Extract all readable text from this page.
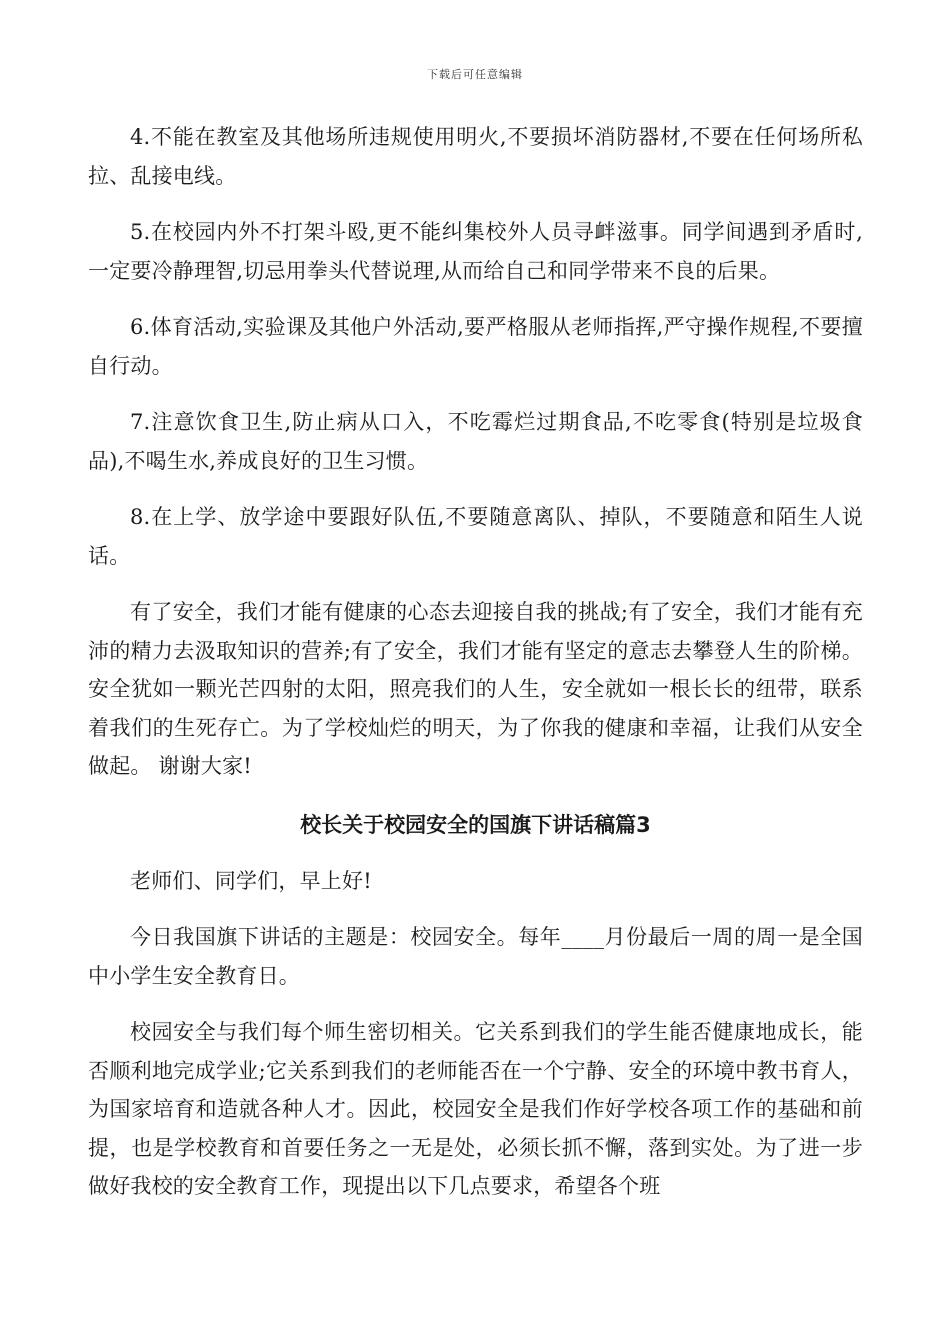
下载后可任意编辑

4.不能在教室及其他场所违规使用明火,不要损坏消防器材,不要在任何场所私拉、乱接电线。

5.在校园内外不打架斗殴,更不能纠集校外人员寻衅滋事。同学间遇到矛盾时,一定要冷静理智,切忌用拳头代替说理,从而给自己和同学带来不良的后果。

6.体育活动,实验课及其他户外活动,要严格服从老师指挥,严守操作规程,不要擅自行动。

7.注意饮食卫生,防止病从口入，不吃霉烂过期食品,不吃零食(特别是垃圾食品),不喝生水,养成良好的卫生习惯。

8.在上学、放学途中要跟好队伍,不要随意离队、掉队，不要随意和陌生人说话。

有了安全，我们才能有健康的心态去迎接自我的挑战;有了安全，我们才能有充沛的精力去汲取知识的营养;有了安全，我们才能有坚定的意志去攀登人生的阶梯。安全犹如一颗光芒四射的太阳，照亮我们的人生，安全就如一根长长的纽带，联系着我们的生死存亡。为了学校灿烂的明天，为了你我的健康和幸福，让我们从安全做起。 谢谢大家!

校长关于校园安全的国旗下讲话稿篇3

老师们、同学们，早上好!

今日我国旗下讲话的主题是：校园安全。每年____月份最后一周的周一是全国中小学生安全教育日。

校园安全与我们每个师生密切相关。它关系到我们的学生能否健康地成长，能否顺利地完成学业;它关系到我们的老师能否在一个宁静、安全的环境中教书育人，为国家培育和造就各种人才。因此，校园安全是我们作好学校各项工作的基础和前提，也是学校教育和首要任务之一无是处，必须长抓不懈，落到实处。为了进一步做好我校的安全教育工作，现提出以下几点要求，希望各个班
